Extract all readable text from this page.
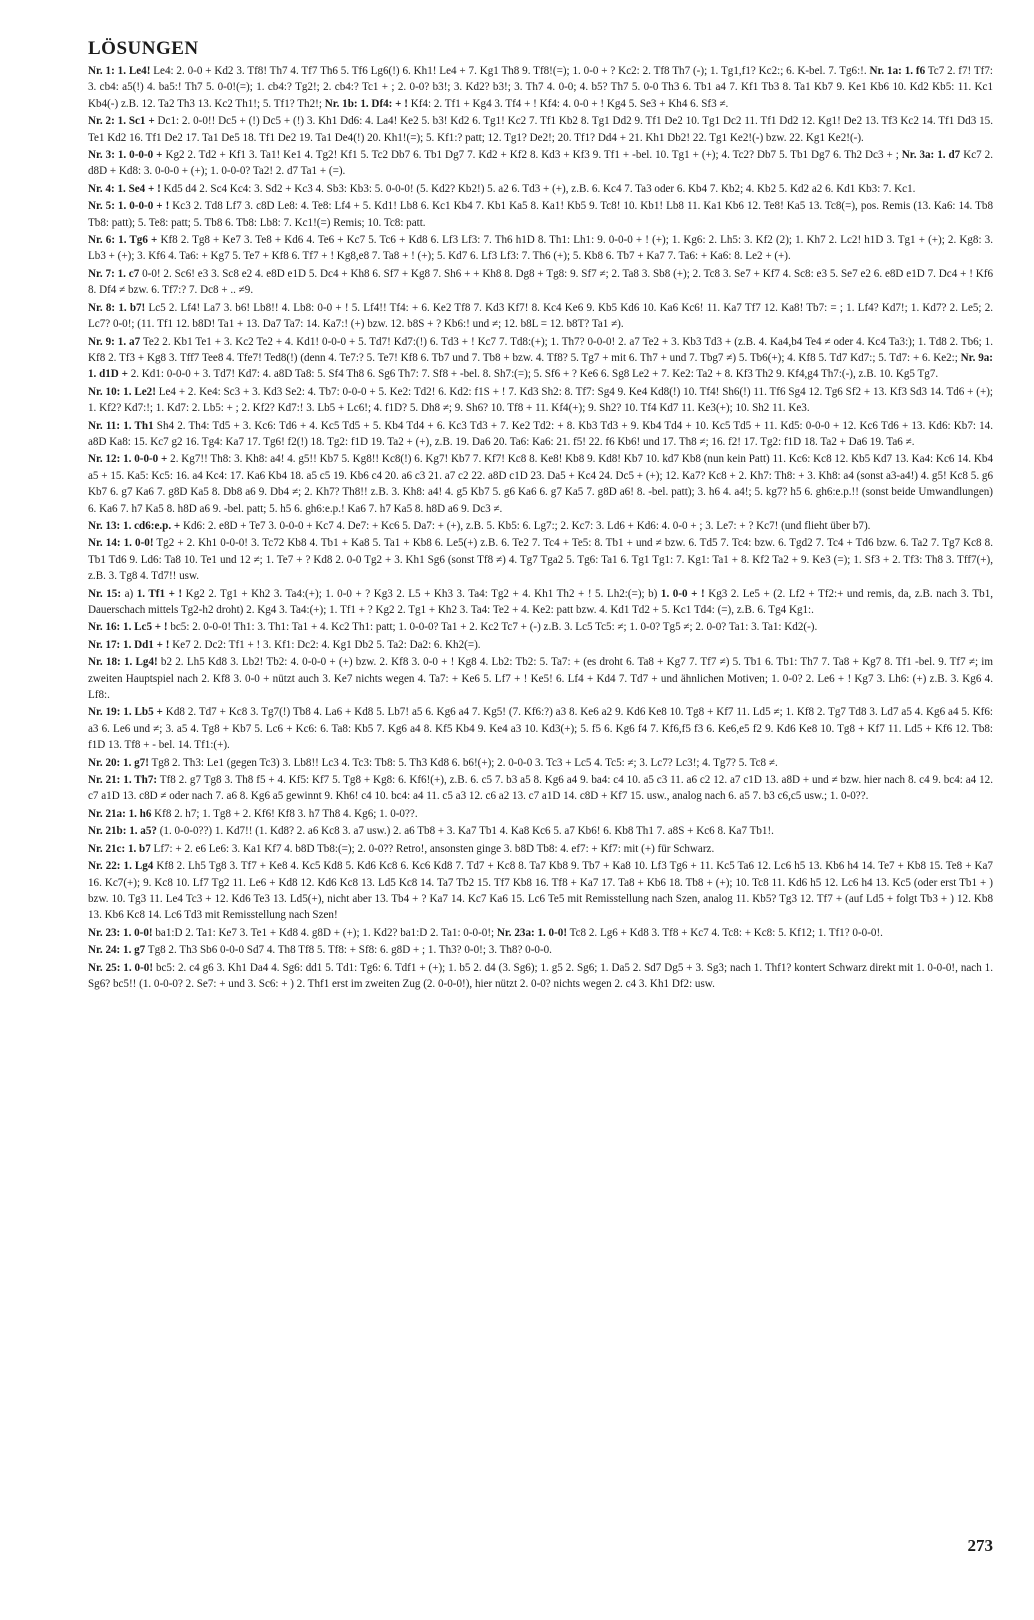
LÖSUNGEN
Nr. 1: 1. Le4! Le4: 2. 0-0 + Kd2 3. Tf8! Th7 4. Tf7 Th6 5. Tf6 Lg6(!) 6. Kh1! Le4 + 7. Kg1 Th8 9. Tf8!(=); 1. 0-0 + ? Kc2: 2. Tf8 Th7 (-); 1. Tg1,f1? Kc2:; 6. K-bel. 7. Tg6:!. Nr. 1a: 1. f6 Tc7 2. f7! Tf7: 3. cb4: a5(!) 4. ba5:! Th7 5. 0-0!(=); 1. cb4:? Tg2!; 2. cb4:? Tc1 + ; 2. 0-0? b3!; 3. Kd2? b3!; 3. Th7 4. 0-0; 4. b5? Th7 5. 0-0 Th3 6. Tb1 a4 7. Kf1 Tb3 8. Ta1 Kb7 9. Ke1 Kb6 10. Kd2 Kb5: 11. Kc1 Kb4(-) z.B. 12. Ta2 Th3 13. Kc2 Th1!; 5. Tf1? Th2!; Nr. 1b: 1. Df4: + ! Kf4: 2. Tf1 + Kg4 3. Tf4 + ! Kf4: 4. 0-0 + ! Kg4 5. Se3 + Kh4 6. Sf3 ≠.
Nr. 2: 1. Sc1 + Dc1: 2. 0-0!! Dc5 + (!) Dc5 + (!) 3. Kh1 Dd6: 4. La4! Ke2 5. b3! Kd2 6. Tg1! Kc2 7. Tf1 Kb2 8. Tg1 Dd2 9. Tf1 De2 10. Tg1 Dc2 11. Tf1 Dd2 12. Kg1! De2 13. Tf3 Kc2 14. Tf1 Dd3 15. Te1 Kd2 16. Tf1 De2 17. Ta1 De5 18. Tf1 De2 19. Ta1 De4(!) 20. Kh1!(=); 5. Kf1:? patt; 12. Tg1? De2!; 20. Tf1? Dd4 + 21. Kh1 Db2! 22. Tg1 Ke2!(-) bzw. 22. Kg1 Ke2!(-).
Nr. 3: 1. 0-0-0 + Kg2 2. Td2 + Kf1 3. Ta1! Ke1 4. Tg2! Kf1 5. Tc2 Db7 6. Tb1 Dg7 7. Kd2 + Kf2 8. Kd3 + Kf3 9. Tf1 + -bel. 10. Tg1 + (+); 4. Tc2? Db7 5. Tb1 Dg7 6. Th2 Dc3 + ; Nr. 3a: 1. d7 Kc7 2. d8D + Kd8: 3. 0-0-0 + (+); 1. 0-0-0? Ta2! 2. d7 Ta1 + (=).
Nr. 4: 1. Se4 + ! Kd5 d4 2. Sc4 Kc4: 3. Sd2 + Kc3 4. Sb3: Kb3: 5. 0-0-0! (5. Kd2? Kb2!) 5. a2 6. Td3 + (+), z.B. 6. Kc4 7. Ta3 oder 6. Kb4 7. Kb2; 4. Kb2 5. Kd2 a2 6. Kd1 Kb3: 7. Kc1.
Nr. 5: 1. 0-0-0 + ! Kc3 2. Td8 Lf7 3. c8D Le8: 4. Te8: Lf4 + 5. Kd1! Lb8 6. Kc1 Kb4 7. Kb1 Ka5 8. Ka1! Kb5 9. Tc8! 10. Kb1! Lb8 11. Ka1 Kb6 12. Te8! Ka5 13. Tc8(=), pos. Remis (13. Ka6: 14. Tb8 Tb8: patt); 5. Te8: patt; 5. Tb8 6. Tb8: Lb8: 7. Kc1!(=) Remis; 10. Tc8: patt.
Nr. 6: 1. Tg6 + Kf8 2. Tg8 + Ke7 3. Te8 + Kd6 4. Te6 + Kc7 5. Tc6 + Kd8 6. Lf3 Lf3: 7. Th6 h1D 8. Th1: Lh1: 9. 0-0-0 + ! (+); 1. Kg6: 2. Lh5: 3. Kf2 (2); 1. Kh7 2. Lc2! h1D 3. Tg1 + (+); 2. Kg8: 3. Lb3 + (+); 3. Kf6 4. Ta6: + Kg7 5. Te7 + Kf8 6. Tf7 + ! Kg8,e8 7. Ta8 + ! (+); 5. Kd7 6. Lf3 Lf3: 7. Th6 (+); 5. Kb8 6. Tb7 + Ka7 7. Ta6: + Ka6: 8. Le2 + (+).
Nr. 7: 1. c7 0-0! 2. Sc6! e3 3. Sc8 e2 4. e8D e1D 5. Dc4 + Kh8 6. Sf7 + Kg8 7. Sh6 + + Kh8 8. Dg8 + Tg8: 9. Sf7 ≠; 2. Ta8 3. Sb8 (+); 2. Tc8 3. Se7 + Kf7 4. Sc8: e3 5. Se7 e2 6. e8D e1D 7. Dc4 + ! Kf6 8. Df4 ≠ bzw. 6. Tf7:? 7. Dc8 + .. ≠9.
Nr. 8: 1. b7! Lc5 2. Lf4! La7 3. b6! Lb8!! 4. Lb8: 0-0 + ! 5. Lf4!! Tf4: + 6. Ke2 Tf8 7. Kd3 Kf7! 8. Kc4 Ke6 9. Kb5 Kd6 10. Ka6 Kc6! 11. Ka7 Tf7 12. Ka8! Tb7: = ; 1. Lf4? Kd7!; 1. Kd7? 2. Le5; 2. Lc7? 0-0!; (11. Tf1 12. b8D! Ta1 + 13. Da7 Ta7: 14. Ka7:! (+) bzw. 12. b8S + ? Kb6:! und ≠; 12. b8L = 12. b8T? Ta1 ≠).
Nr. 9: 1. a7 Te2 2. Kb1 Te1 + 3. Kc2 Te2 + 4. Kd1! 0-0-0 + 5. Td7! Kd7:(!) 6. Td3 + ! Kc7 7. Td8:(+); 1. Th7? 0-0-0! 2. a7 Te2 + 3. Kb3 Td3 + (z.B. 4. Ka4,b4 Te4 ≠ oder 4. Kc4 Ta3:); 1. Td8 2. Tb6; 1. Kf8 2. Tf3 + Kg8 3. Tff7 Tee8 4. Tfe7! Ted8(!) (denn 4. Te7:? 5. Te7! Kf8 6. Tb7 und 7. Tb8 + bzw. 4. Tf8? 5. Tg7 + mit 6. Th7 + und 7. Tbg7 ≠) 5. Tb6(+); 4. Kf8 5. Td7 Kd7:; 5. Td7: + 6. Ke2:; Nr. 9a: 1. d1D + 2. Kd1: 0-0-0 + 3. Td7! Kd7: 4. a8D Ta8: 5. Sf4 Th8 6. Sg6 Th7: 7. Sf8 + -bel. 8. Sh7:(=); 5. Sf6 + ? Ke6 6. Sg8 Le2 + 7. Ke2: Ta2 + 8. Kf3 Th2 9. Kf4,g4 Th7:(-), z.B. 10. Kg5 Tg7.
Nr. 10: 1. Le2! Le4 + 2. Ke4: Sc3 + 3. Kd3 Se2: 4. Tb7: 0-0-0 + 5. Ke2: Td2! 6. Kd2: f1S + ! 7. Kd3 Sh2: 8. Tf7: Sg4 9. Ke4 Kd8(!) 10. Tf4! Sh6(!) 11. Tf6 Sg4 12. Tg6 Sf2 + 13. Kf3 Sd3 14. Td6 + (+); 1. Kf2? Kd7:!; 1. Kd7: 2. Lb5: + ; 2. Kf2? Kd7:! 3. Lb5 + Lc6!; 4. f1D? 5. Dh8 ≠; 9. Sh6? 10. Tf8 + 11. Kf4(+); 9. Sh2? 10. Tf4 Kd7 11. Ke3(+); 10. Sh2 11. Ke3.
Nr. 11: 1. Th1 Sh4 2. Th4: Td5 + 3. Kc6: Td6 + 4. Kc5 Td5 + 5. Kb4 Td4 + 6. Kc3 Td3 + 7. Ke2 Td2: + 8. Kb3 Td3 + 9. Kb4 Td4 + 10. Kc5 Td5 + 11. Kd5: 0-0-0 + 12. Kc6 Td6 + 13. Kd6: Kb7: 14. a8D Ka8: 15. Kc7 g2 16. Tg4: Ka7 17. Tg6! f2(!) 18. Tg2: f1D 19. Ta2 + (+), z.B. 19. Da6 20. Ta6: Ka6: 21. f5! 22. f6 Kb6! und 17. Th8 ≠; 16. f2! 17. Tg2: f1D 18. Ta2 + Da6 19. Ta6 ≠.
Nr. 12: 1. 0-0-0 + 2. Kg7!! Th8: 3. Kh8: a4! 4. g5!! Kb7 5. Kg8!! Kc8(!) 6. Kg7! Kb7 7. Kf7! Kc8 8. Ke8! Kb8 9. Kd8! Kb7 10. kd7 Kb8 (nun kein Patt) 11. Kc6: Kc8 12. Kb5 Kd7 13. Ka4: Kc6 14. Kb4 a5 + 15. Ka5: Kc5: 16. a4 Kc4: 17. Ka6 Kb4 18. a5 c5 19. Kb6 c4 20. a6 c3 21. a7 c2 22. a8D c1D 23. Da5 + Kc4 24. Dc5 + (+); 12. Ka7? Kc8 + 2. Kh7: Th8: + 3. Kh8: a4 (sonst a3-a4!) 4. g5! Kc8 5. g6 Kb7 6. g7 Ka6 7. g8D Ka5 8. Db8 a6 9. Db4 ≠; 2. Kh7? Th8!! z.B. 3. Kh8: a4! 4. g5 Kb7 5. g6 Ka6 6. g7 Ka5 7. g8D a6! 8. -bel. patt); 3. h6 4. a4!; 5. kg7? h5 6. gh6:e.p.!! (sonst beide Umwandlungen) 6. Ka6 7. h7 Ka5 8. h8D a6 9. -bel. patt; 5. h5 6. gh6:e.p.! Ka6 7. h7 Ka5 8. h8D a6 9. Dc3 ≠.
Nr. 13: 1. cd6:e.p. + Kd6: 2. e8D + Te7 3. 0-0-0 + Kc7 4. De7: + Kc6 5. Da7: + (+), z.B. 5. Kb5: 6. Lg7:; 2. Kc7: 3. Ld6 + Kd6: 4. 0-0 + ; 3. Le7: + ? Kc7! (und flieht über b7).
Nr. 14: 1. 0-0! Tg2 + 2. Kh1 0-0-0! 3. Tc72 Kb8 4. Tb1 + Ka8 5. Ta1 + Kb8 6. Le5(+) z.B. 6. Te2 7. Tc4 + Te5: 8. Tb1 + und ≠ bzw. 6. Td5 7. Tc4: bzw. 6. Tgd2 7. Tc4 + Td6 bzw. 6. Ta2 7. Tg7 Kc8 8. Tb1 Td6 9. Ld6: Ta8 10. Te1 und 12 ≠; 1. Te7 + ? Kd8 2. 0-0 Tg2 + 3. Kh1 Sg6 (sonst Tf8 ≠) 4. Tg7 Tga2 5. Tg6: Ta1 6. Tg1 Tg1: 7. Kg1: Ta1 + 8. Kf2 Ta2 + 9. Ke3 (=); 1. Sf3 + 2. Tf3: Th8 3. Tff7(+), z.B. 3. Tg8 4. Td7!! usw.
Nr. 15: a) 1. Tf1 + ! Kg2 2. Tg1 + Kh2 3. Ta4:(+); 1. 0-0 + ? Kg3 2. L5 + Kh3 3. Ta4: Tg2 + 4. Kh1 Th2 + ! 5. Lh2:(=); b) 1. 0-0 + ! Kg3 2. Le5 + (2. Lf2 + Tf2:+ und remis, da, z.B. nach 3. Tb1, Dauerschach mittels Tg2-h2 droht) 2. Kg4 3. Ta4:(+); 1. Tf1 + ? Kg2 2. Tg1 + Kh2 3. Ta4: Te2 + 4. Ke2: patt bzw. 4. Kd1 Td2 + 5. Kc1 Td4: (=), z.B. 6. Tg4 Kg1:.
Nr. 16: 1. Lc5 + ! bc5: 2. 0-0-0! Th1: 3. Th1: Ta1 + 4. Kc2 Th1: patt; 1. 0-0-0? Ta1 + 2. Kc2 Tc7 + (-) z.B. 3. Lc5 Tc5: ≠; 1. 0-0? Tg5 ≠; 2. 0-0? Ta1: 3. Ta1: Kd2(-).
Nr. 17: 1. Dd1 + ! Ke7 2. Dc2: Tf1 + ! 3. Kf1: Dc2: 4. Kg1 Db2 5. Ta2: Da2: 6. Kh2(=).
Nr. 18: 1. Lg4! b2 2. Lh5 Kd8 3. Lb2! Tb2: 4. 0-0-0 + (+) bzw. 2. Kf8 3. 0-0 + ! Kg8 4. Lb2: Tb2: 5. Ta7: + (es droht 6. Ta8 + Kg7 7. Tf7 ≠) 5. Tb1 6. Tb1: Th7 7. Ta8 + Kg7 8. Tf1 -bel. 9. Tf7 ≠; im zweiten Hauptspiel nach 2. Kf8 3. 0-0 + nützt auch 3. Ke7 nichts wegen 4. Ta7: + Ke6 5. Lf7 + ! Ke5! 6. Lf4 + Kd4 7. Td7 + und ähnlichen Motiven; 1. 0-0? 2. Le6 + ! Kg7 3. Lh6: (+) z.B. 3. Kg6 4. Lf8:.
Nr. 19: 1. Lb5 + Kd8 2. Td7 + Kc8 3. Tg7(!) Tb8 4. La6 + Kd8 5. Lb7! a5 6. Kg6 a4 7. Kg5! (7. Kf6:?) a3 8. Ke6 a2 9. Kd6 Ke8 10. Tg8 + Kf7 11. Ld5 ≠; 1. Kf8 2. Tg7 Td8 3. Ld7 a5 4. Kg6 a4 5. Kf6: a3 6. Le6 und ≠; 3. a5 4. Tg8 + Kb7 5. Lc6 + Kc6: 6. Ta8: Kb5 7. Kg6 a4 8. Kf5 Kb4 9. Ke4 a3 10. Kd3(+); 5. f5 6. Kg6 f4 7. Kf6,f5 f3 6. Ke6,e5 f2 9. Kd6 Ke8 10. Tg8 + Kf7 11. Ld5 + Kf6 12. Tb8: f1D 13. Tf8 + - bel. 14. Tf1:(+).
Nr. 20: 1. g7! Tg8 2. Th3: Le1 (gegen Tc3) 3. Lb8!! Lc3 4. Tc3: Tb8: 5. Th3 Kd8 6. b6!(+); 2. 0-0-0 3. Tc3 + Lc5 4. Tc5: ≠; 3. Lc7? Lc3!; 4. Tg7? 5. Tc8 ≠.
Nr. 21: 1. Th7: Tf8 2. g7 Tg8 3. Th8 f5 + 4. Kf5: Kf7 5. Tg8 + Kg8: 6. Kf6!(+), z.B. 6. c5 7. b3 a5 8. Kg6 a4 9. ba4: c4 10. a5 c3 11. a6 c2 12. a7 c1D 13. a8D + und ≠ bzw. hier nach 8. c4 9. bc4: a4 12. c7 a1D 13. c8D ≠ oder nach 7. a6 8. Kg6 a5 gewinnt 9. Kh6! c4 10. bc4: a4 11. c5 a3 12. c6 a2 13. c7 a1D 14. c8D + Kf7 15. usw., analog nach 6. a5 7. b3 c6,c5 usw.; 1. 0-0??.
Nr. 21a: 1. h6 Kf8 2. h7; 1. Tg8 + 2. Kf6! Kf8 3. h7 Th8 4. Kg6; 1. 0-0??.
Nr. 21b: 1. a5? (1. 0-0-0??) 1. Kd7!! (1. Kd8? 2. a6 Kc8 3. a7 usw.) 2. a6 Tb8 + 3. Ka7 Tb1 4. Ka8 Kc6 5. a7 Kb6! 6. Kb8 Th1 7. a8S + Kc6 8. Ka7 Tb1!.
Nr. 21c: 1. b7 Lf7: + 2. e6 Le6: 3. Ka1 Kf7 4. b8D Tb8:(=); 2. 0-0?? Retro!, ansonsten ginge 3. b8D Tb8: 4. ef7: + Kf7: mit (+) für Schwarz.
Nr. 22: 1. Lg4 Kf8 2. Lh5 Tg8 3. Tf7 + Ke8 4. Kc5 Kd8 5. Kd6 Kc8 6. Kc6 Kd8 7. Td7 + Kc8 8. Ta7 Kb8 9. Tb7 + Ka8 10. Lf3 Tg6 + 11. Kc5 Ta6 12. Lc6 h5 13. Kb6 h4 14. Te7 + Kb8 15. Te8 + Ka7 16. Kc7(+); 9. Kc8 10. Lf7 Tg2 11. Le6 + Kd8 12. Kd6 Kc8 13. Ld5 Kc8 14. Ta7 Tb2 15. Tf7 Kb8 16. Tf8 + Ka7 17. Ta8 + Kb6 18. Tb8 + (+); 10. Tc8 11. Kd6 h5 12. Lc6 h4 13. Kc5 (oder erst Tb1 + ) bzw. 10. Tg3 11. Le4 Tc3 + 12. Kd6 Te3 13. Ld5(+), nicht aber 13. Tb4 + ? Ka7 14. Kc7 Ka6 15. Lc6 Te5 mit Remisstellung nach Szen, analog 11. Kb5? Tg3 12. Tf7 + (auf Ld5 + folgt Tb3 + ) 12. Kb8 13. Kb6 Kc8 14. Lc6 Td3 mit Remisstellung nach Szen!
Nr. 23: 1. 0-0! ba1:D 2. Ta1: Ke7 3. Te1 + Kd8 4. g8D + (+); 1. Kd2? ba1:D 2. Ta1: 0-0-0!; Nr. 23a: 1. 0-0! Tc8 2. Lg6 + Kd8 3. Tf8 + Kc7 4. Tc8: + Kc8: 5. Kf12; 1. Tf1? 0-0-0!.
Nr. 24: 1. g7 Tg8 2. Th3 Sb6 0-0-0 Sd7 4. Th8 Tf8 5. Tf8: + Sf8: 6. g8D + ; 1. Th3? 0-0!; 3. Th8? 0-0-0.
Nr. 25: 1. 0-0! bc5: 2. c4 g6 3. Kh1 Da4 4. Sg6: dd1 5. Td1: Tg6: 6. Tdf1 + (+); 1. b5 2. d4 (3. Sg6); 1. g5 2. Sg6; 1. Da5 2. Sd7 Dg5 + 3. Sg3; nach 1. Thf1? kontert Schwarz direkt mit 1. 0-0-0!, nach 1. Sg6? bc5!! (1. 0-0-0? 2. Se7: + und 3. Sc6: + ) 2. Thf1 erst im zweiten Zug (2. 0-0-0!), hier nützt 2. 0-0? nichts wegen 2. c4 3. Kh1 Df2: usw.
273
